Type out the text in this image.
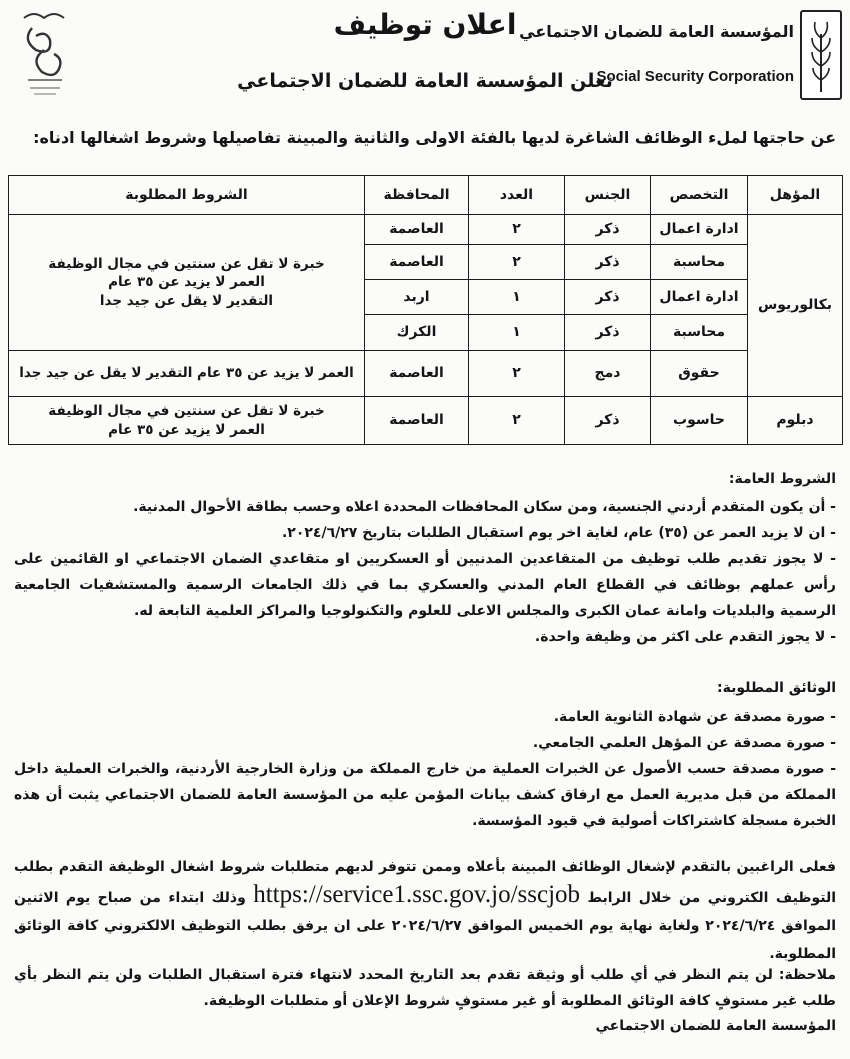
المؤسسة العامة للضمان الاجتماعي
Social Security Corporation
اعلان توظيف
تعلن المؤسسة العامة للضمان الاجتماعي
عن حاجتها لملء الوظائف الشاغرة لديها بالفئة الاولى والثانية والمبينة تفاصيلها وشروط اشغالها ادناه:
المؤهل	التخصص	الجنس	العدد	المحافظة	الشروط المطلوبة
بكالوريوس	ادارة اعمال	ذكر	٢	العاصمة	خبرة لا تقل عن سنتين في مجال الوظيفة
العمر لا يزيد عن ٣٥ عام
التقدير لا يقل عن جيد جدا

	محاسبة	ذكر	٢	العاصمة	
	ادارة اعمال	ذكر	١	اربد	
	محاسبة	ذكر	١	الكرك	
	حقوق	دمج	٢	العاصمة	العمر لا يزيد عن ٣٥ عام التقدير لا يقل عن جيد جدا
دبلوم	حاسوب	ذكر	٢	العاصمة	خبرة لا تقل عن سنتين في مجال الوظيفة
العمر لا يزيد عن ٣٥ عام
الشروط العامة:
- أن يكون المتقدم أردني الجنسية، ومن سكان المحافظات المحددة اعلاه وحسب بطاقة الأحوال المدنية.
- ان لا يزيد العمر عن (٣٥) عام، لغاية اخر يوم استقبال الطلبات بتاريخ ٢٠٢٤/٦/٢٧.
- لا يجوز تقديم طلب توظيف من المتقاعدين المدنيين أو العسكريين او متقاعدي الضمان الاجتماعي او القائمين على رأس عملهم بوظائف في القطاع العام المدني والعسكري بما في ذلك الجامعات الرسمية والمستشفيات الجامعية الرسمية والبلديات وامانة عمان الكبرى والمجلس الاعلى للعلوم والتكنولوجيا والمراكز العلمية التابعة له.
- لا يجوز التقدم على اكثر من وظيفة واحدة.
الوثائق المطلوبة:
- صورة مصدقة عن شهادة الثانوية العامة.
- صورة مصدقة عن المؤهل العلمي الجامعي.
- صورة مصدقة حسب الأصول عن الخبرات العملية من خارج المملكة من وزارة الخارجية الأردنية، والخبرات العملية داخل المملكة من قبل مديرية العمل مع ارفاق كشف بيانات المؤمن عليه من المؤسسة العامة للضمان الاجتماعي يثبت أن هذه الخبرة مسجلة كاشتراكات أصولية في قيود المؤسسة.
فعلى الراغبين بالتقدم لإشغال الوظائف المبينة بأعلاه وممن تتوفر لديهم متطلبات شروط اشغال الوظيفة التقدم بطلب التوظيف الكتروني من خلال الرابط https://service1.ssc.gov.jo/sscjob وذلك ابتداء من صباح يوم الاثنين الموافق ٢٠٢٤/٦/٢٤ ولغاية نهاية يوم الخميس الموافق ٢٠٢٤/٦/٢٧ على ان يرفق بطلب التوظيف الالكتروني كافة الوثائق المطلوبة.
ملاحظة: لن يتم النظر في أي طلب أو وثيقة تقدم بعد التاريخ المحدد لانتهاء فترة استقبال الطلبات ولن يتم النظر بأي طلب غير مستوفٍ كافة الوثائق المطلوبة أو غير مستوفٍ شروط الإعلان أو متطلبات الوظيفة.
المؤسسة العامة للضمان الاجتماعي
